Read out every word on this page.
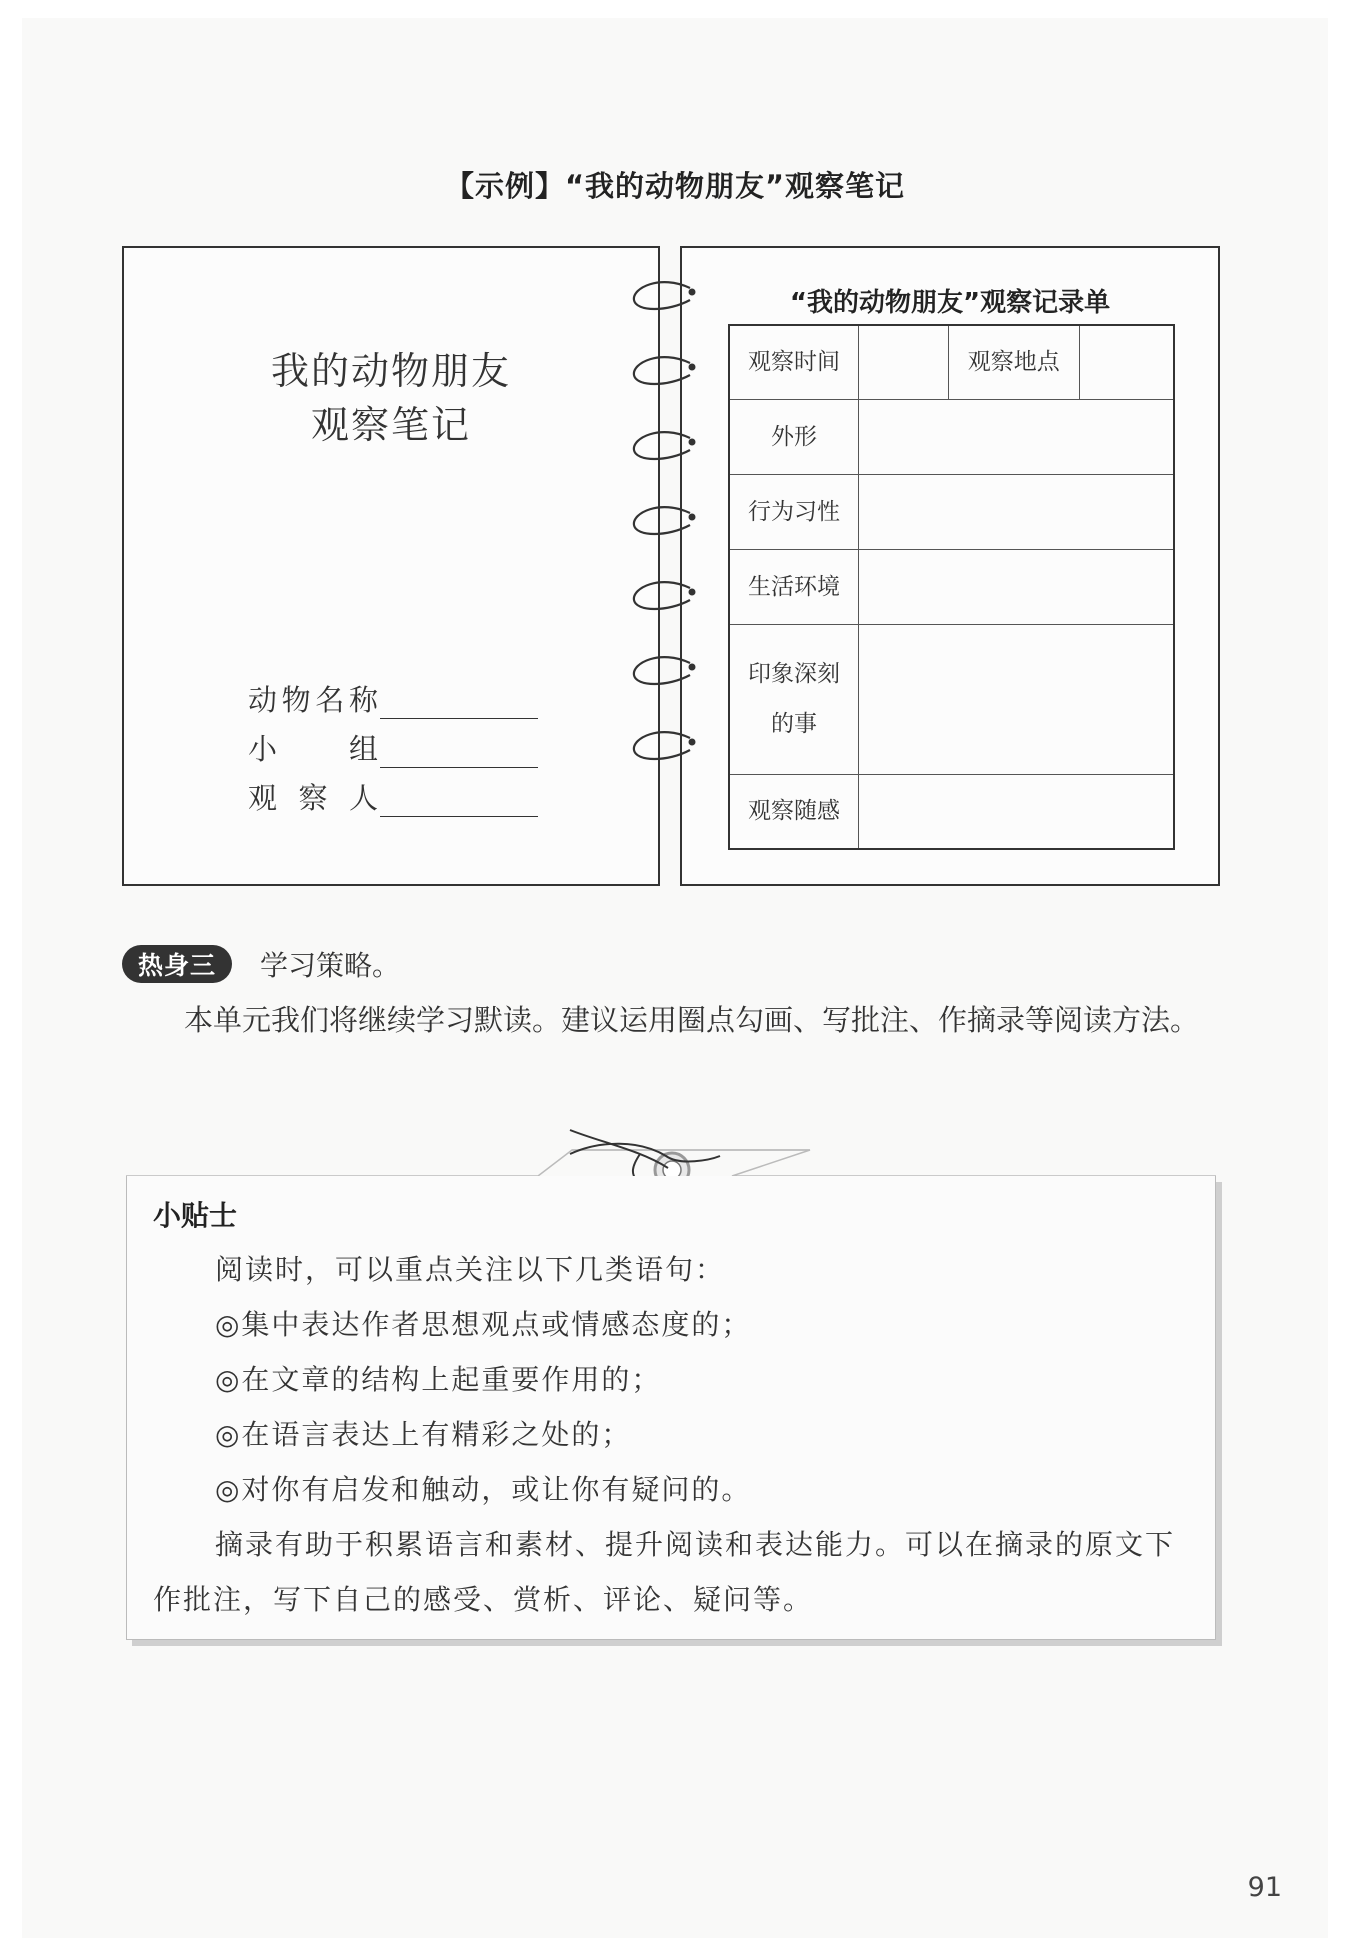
【示例】“我的动物朋友”观察笔记
我的动物朋友
观察笔记
动物名称
小　组
观 察 人
“我的动物朋友”观察记录单
观察时间		观察地点	
外形			
行为习性			
生活环境			

印象深刻
的事			

观察随感			
热身三	学习策略。
本单元我们将继续学习默读。建议运用圈点勾画、写批注、作摘录等阅读方法。
小贴士
阅读时，可以重点关注以下几类语句：
◎集中表达作者思想观点或情感态度的；
◎在文章的结构上起重要作用的；
◎在语言表达上有精彩之处的；
◎对你有启发和触动，或让你有疑问的。
摘录有助于积累语言和素材、提升阅读和表达能力。可以在摘录的原文下作批注，写下自己的感受、赏析、评论、疑问等。
91
